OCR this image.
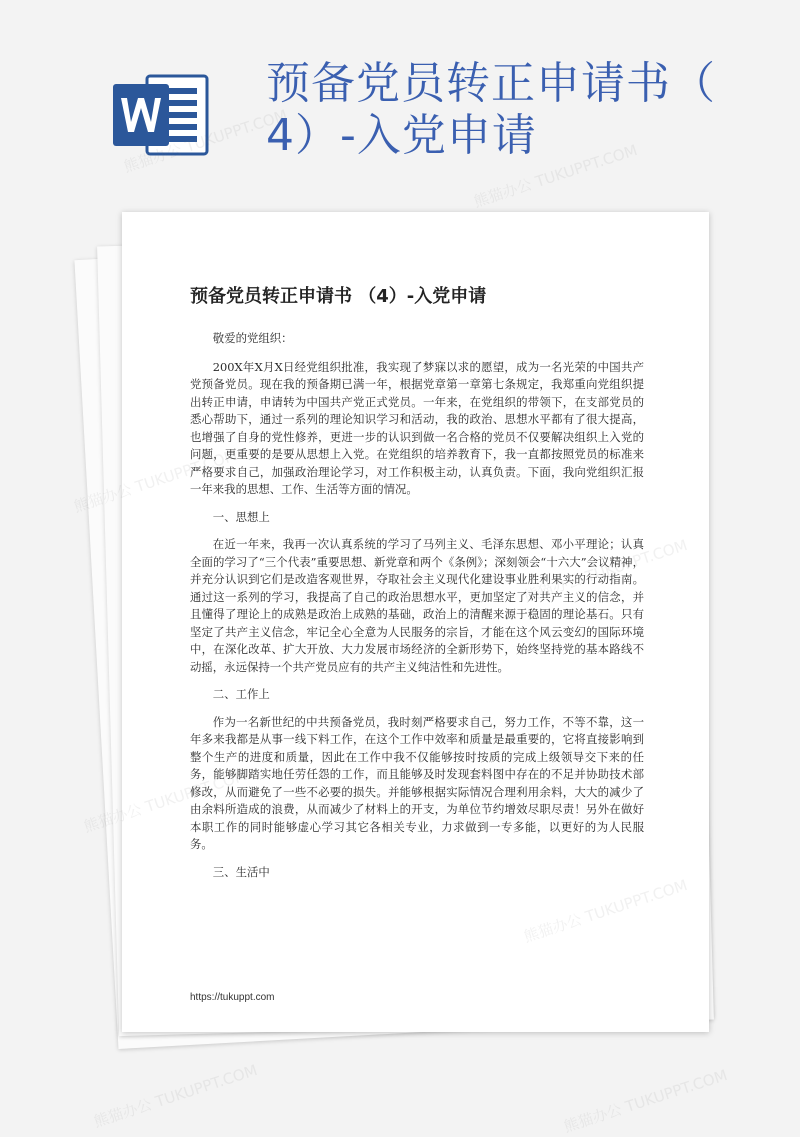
预备党员转正申请书（
4）-入党申请
预备党员转正申请书 （4）-入党申请

敬爱的党组织：

200X年X月X日经党组织批准，我实现了梦寐以求的愿望，成为一名光荣的中国共产党预备党员。现在我的预备期已满一年，根据党章第一章第七条规定，我郑重向党组织提出转正申请，申请转为中国共产党正式党员。一年来，在党组织的带领下，在支部党员的悉心帮助下，通过一系列的理论知识学习和活动，我的政治、思想水平都有了很大提高，也增强了自身的党性修养，更进一步的认识到做一名合格的党员不仅要解决组织上入党的问题，更重要的是要从思想上入党。在党组织的培养教育下，我一直都按照党员的标准来严格要求自己，加强政治理论学习，对工作积极主动，认真负责。下面，我向党组织汇报一年来我的思想、工作、生活等方面的情况。

一、思想上

在近一年来，我再一次认真系统的学习了马列主义、毛泽东思想、邓小平理论；认真全面的学习了“三个代表”重要思想、新党章和两个《条例》；深刻领会“十六大”会议精神，并充分认识到它们是改造客观世界，夺取社会主义现代化建设事业胜利果实的行动指南。通过这一系列的学习，我提高了自己的政治思想水平，更加坚定了对共产主义的信念，并且懂得了理论上的成熟是政治上成熟的基础，政治上的清醒来源于稳固的理论基石。只有坚定了共产主义信念，牢记全心全意为人民服务的宗旨，才能在这个风云变幻的国际环境中，在深化改革、扩大开放、大力发展市场经济的全新形势下，始终坚持党的基本路线不动摇，永远保持一个共产党员应有的共产主义纯洁性和先进性。

二、工作上

作为一名新世纪的中共预备党员，我时刻严格要求自己，努力工作，不等不靠，这一年多来我都是从事一线下料工作，在这个工作中效率和质量是最重要的，它将直接影响到整个生产的进度和质量，因此在工作中我不仅能够按时按质的完成上级领导交下来的任务，能够脚踏实地任劳任怨的工作，而且能够及时发现套料图中存在的不足并协助技术部修改，从而避免了一些不必要的损失。并能够根据实际情况合理利用余料，大大的减少了由余料所造成的浪费，从而减少了材料上的开支，为单位节约增效尽职尽责！另外在做好本职工作的同时能够虚心学习其它各相关专业，力求做到一专多能，以更好的为人民服务。

三、生活中

https://tukuppt.com
熊猫办公 TUKUPPT.COM
熊猫办公 TUKUPPT.COM
熊猫办公 TUKUPPT.COM	熊猫办公 TUKUPPT.COM
